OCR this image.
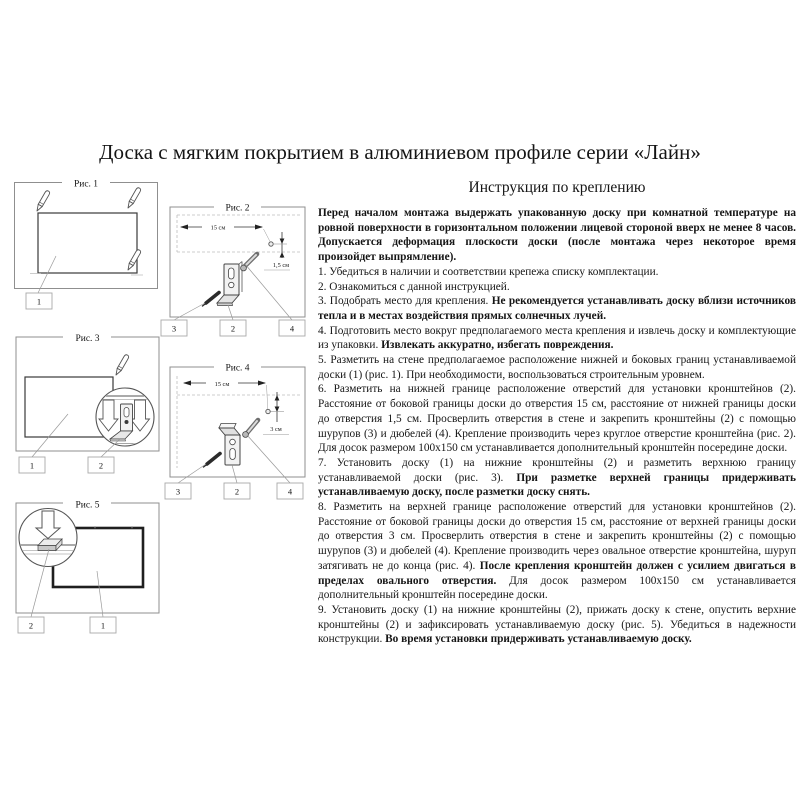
Доска с мягким покрытием в алюминиевом профиле серии «Лайн»
Рис. 1
1
Рис. 2
15 см
1,5 см
3	2	4
Рис. 3
1	2
Рис. 4
15 см
3 см
3	2	4
Рис. 5
2	1
Инструкция по креплению

Перед началом монтажа выдержать упакованную доску при комнатной температуре на ровной поверхности в горизонтальном положении лицевой стороной вверх не менее 8 часов. Допускается деформация плоскости доски (после монтажа через некоторое время произойдет выпрямление).

1. Убедиться в наличии и соответствии крепежа списку комплектации.

2. Ознакомиться с данной инструкцией.

3. Подобрать место для крепления. Не рекомендуется устанавливать доску вблизи источников тепла и в местах воздействия прямых солнечных лучей.

4. Подготовить место вокруг предполагаемого места крепления и извлечь доску и комплектующие из упаковки. Извлекать аккуратно, избегать повреждения.

5. Разметить на стене предполагаемое расположение нижней и боковых границ устанавливаемой доски (1) (рис. 1). При необходимости, воспользоваться строительным уровнем.

6. Разметить на нижней границе расположение отверстий для установки кронштейнов (2). Расстояние от боковой границы доски до отверстия 15 см, расстояние от нижней границы доски до отверстия 1,5 см. Просверлить отверстия в стене и закрепить кронштейны (2) с помощью шурупов (3) и дюбелей (4). Крепление производить через круглое отверстие кронштейна (рис. 2). Для досок размером 100х150 см устанавливается дополнительный кронштейн посередине доски.

7. Установить доску (1) на нижние кронштейны (2) и разметить верхнюю границу устанавливаемой доски (рис. 3). При разметке верхней границы придерживать устанавливаемую доску, после разметки доску снять.

8. Разметить на верхней границе расположение отверстий для установки кронштейнов (2). Расстояние от боковой границы доски до отверстия 15 см, расстояние от верхней границы доски до отверстия 3 см. Просверлить отверстия в стене и закрепить кронштейны (2) с помощью шурупов (3) и дюбелей (4). Крепление производить через овальное отверстие кронштейна, шуруп затягивать не до конца (рис. 4). После крепления кронштейн должен с усилием двигаться в пределах овального отверстия. Для досок размером 100х150 см устанавливается дополнительный кронштейн посередине доски.

9. Установить доску (1) на нижние кронштейны (2), прижать доску к стене, опустить верхние кронштейны (2) и зафиксировать устанавливаемую доску (рис. 5). Убедиться в надежности конструкции. Во время установки придерживать устанавливаемую доску.
